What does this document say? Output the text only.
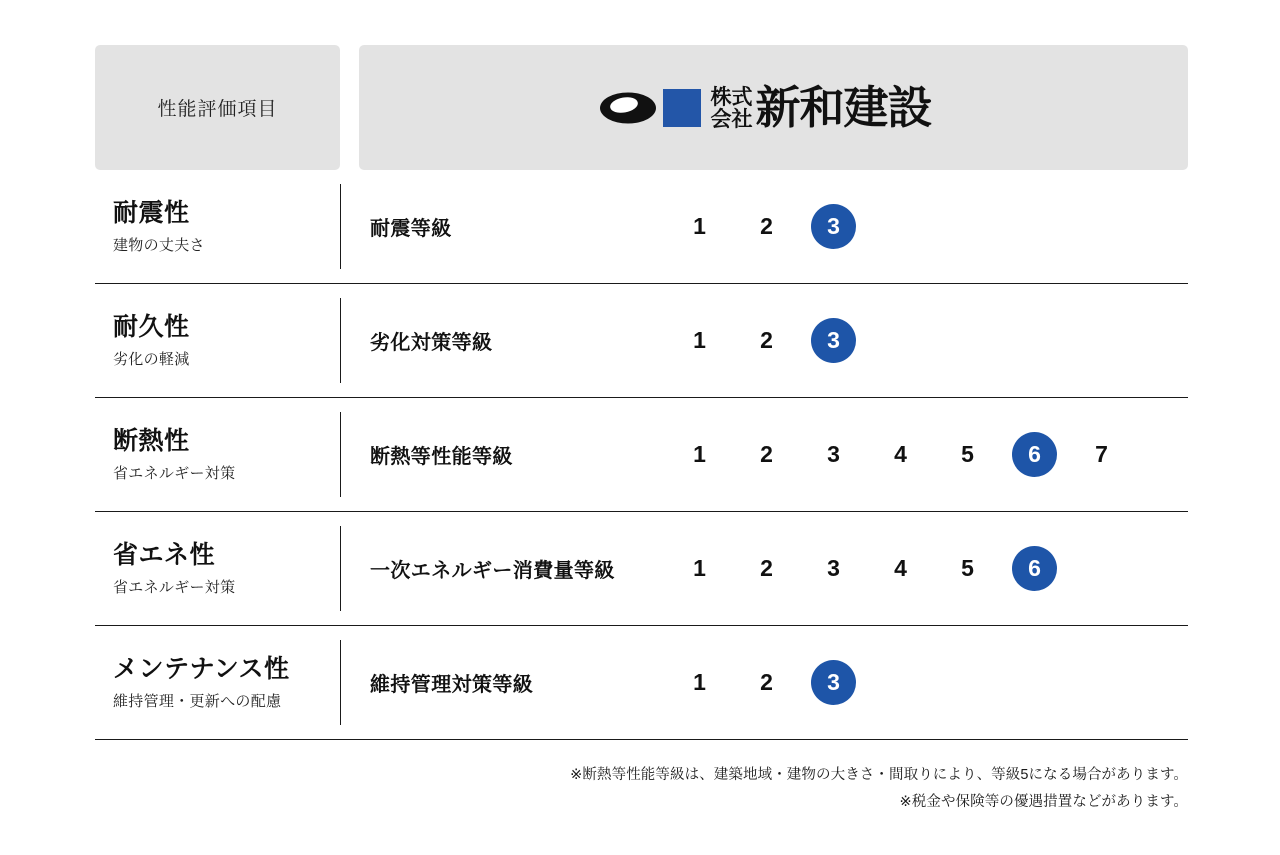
性能評価項目
株式
会社 新和建設
耐震性
建物の丈夫さ
耐震等級	1	2	3
耐久性
劣化の軽減
劣化対策等級	1	2	3
断熱性
省エネルギー対策
断熱等性能等級	1	2	3	4	5	6	7
省エネ性
省エネルギー対策
一次エネルギー消費量等級	1	2	3	4	5	6
メンテナンス性
維持管理・更新への配慮
維持管理対策等級	1	2	3
※断熱等性能等級は、建築地域・建物の大きさ・間取りにより、等級5になる場合があります。
※税金や保険等の優遇措置などがあります。
